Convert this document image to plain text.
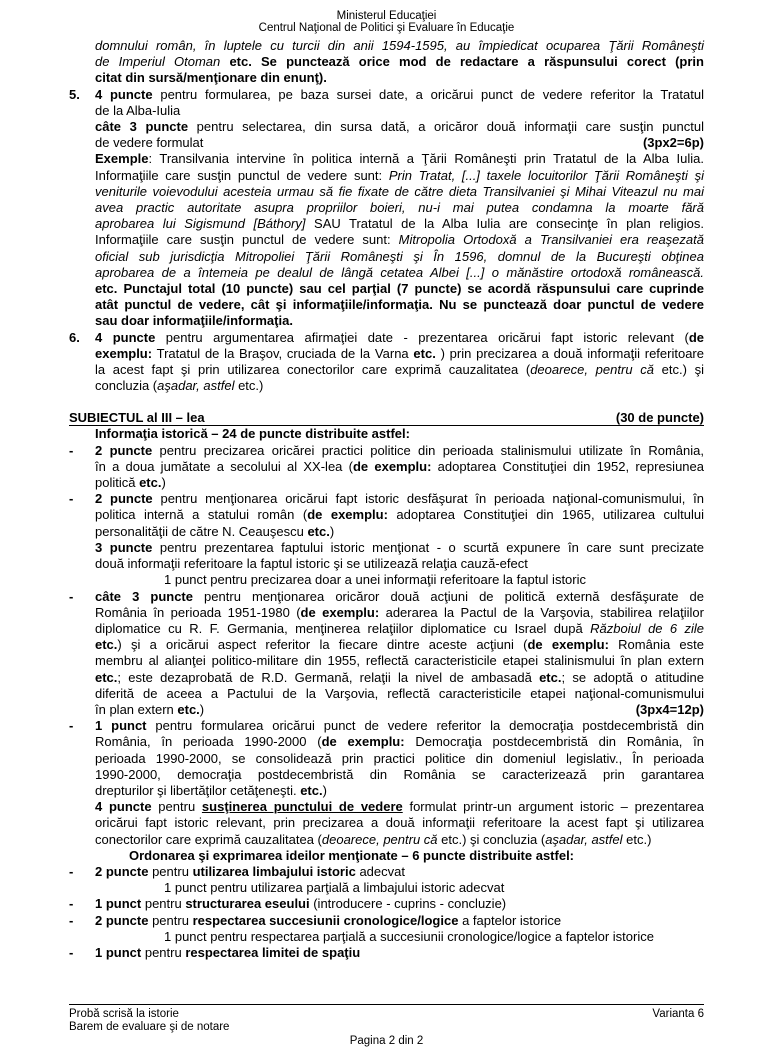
Ministerul Educaţiei
Centrul Naţional de Politici şi Evaluare în Educaţie
domnului român, în luptele cu turcii din anii 1594-1595, au împiedicat ocuparea Ţării Româneşti
de Imperiul Otoman etc. Se punctează orice mod de redactare a răspunsului corect (prin
citat din sursă/menţionare din enunţ).
5. 4 puncte pentru formularea, pe baza sursei date, a oricărui punct de vedere referitor la Tratatul
de la Alba-Iulia
câte 3 puncte pentru selectarea, din sursa dată, a oricăror două informaţii care susţin punctul
de vedere formulat	(3px2=6p)
Exemple: Transilvania intervine în politica internă a Ţării Româneşti prin Tratatul de la Alba Iulia.
Informaţiile care susţin punctul de vedere sunt: Prin Tratat, [...] taxele locuitorilor Ţării Româneşti şi
veniturile voievodului acesteia urmau să fie fixate de către dieta Transilvaniei şi Mihai Viteazul nu mai
avea practic autoritate asupra propriilor boieri, nu-i mai putea condamna la moarte fără
aprobarea lui Sigismund [Báthory] SAU Tratatul de la Alba Iulia are consecinţe în plan religios.
Informaţiile care susţin punctul de vedere sunt: Mitropolia Ortodoxă a Transilvaniei era reaşezată
oficial sub jurisdicţia Mitropoliei Ţării Româneşti şi În 1596, domnul de la Bucureşti obţinea
aprobarea de a întemeia pe dealul de lângă cetatea Albei [...] o mănăstire ortodoxă românească.
etc. Punctajul total (10 puncte) sau cel parţial (7 puncte) se acordă răspunsului care cuprinde
atât punctul de vedere, cât şi informaţiile/informaţia. Nu se punctează doar punctul de vedere
sau doar informaţiile/informaţia.
6. 4 puncte pentru argumentarea afirmaţiei date - prezentarea oricărui fapt istoric relevant (de
exemplu: Tratatul de la Braşov, cruciada de la Varna etc. ) prin precizarea a două informaţii referitoare
la acest fapt şi prin utilizarea conectorilor care exprimă cauzalitatea (deoarece, pentru că etc.) şi
concluzia (aşadar, astfel etc.)
SUBIECTUL al III – lea	(30 de puncte)
Informaţia istorică – 24 de puncte distribuite astfel:
- 2 puncte pentru precizarea oricărei practici politice din perioada stalinismului utilizate în România,
în a doua jumătate a secolului al XX-lea (de exemplu: adoptarea Constituţiei din 1952, represiunea
politică etc.)
- 2 puncte pentru menţionarea oricărui fapt istoric desfăşurat în perioada naţional-comunismului, în
politica internă a statului român (de exemplu: adoptarea Constituţiei din 1965, utilizarea cultului
personalităţii de către N. Ceauşescu etc.)
3 puncte pentru prezentarea faptului istoric menţionat - o scurtă expunere în care sunt precizate
două informaţii referitoare la faptul istoric şi se utilizează relaţia cauză-efect
1 punct pentru precizarea doar a unei informaţii referitoare la faptul istoric
- câte 3 puncte pentru menţionarea oricăror două acţiuni de politică externă desfăşurate de
România în perioada 1951-1980 (de exemplu: aderarea la Pactul de la Varşovia, stabilirea relaţiilor
diplomatice cu R. F. Germania, menţinerea relaţiilor diplomatice cu Israel după Războiul de 6 zile
etc.) şi a oricărui aspect referitor la fiecare dintre aceste acţiuni (de exemplu: România este
membru al alianţei politico-militare din 1955, reflectă caracteristicile etapei stalinismului în plan extern
etc.; este dezaprobată de R.D. Germană, relaţii la nivel de ambasadă etc.; se adoptă o atitudine
diferită de aceea a Pactului de la Varşovia, reflectă caracteristicile etapei naţional-comunismului
în plan extern etc.)	(3px4=12p)
- 1 punct pentru formularea oricărui punct de vedere referitor la democraţia postdecembristă din
România, în perioada 1990-2000 (de exemplu: Democraţia postdecembristă din România, în
perioada 1990-2000, se consolidează prin practici politice din domeniul legislativ., În perioada
1990-2000, democraţia postdecembristă din România se caracterizează prin garantarea
drepturilor şi libertăţilor cetăţeneşti. etc.)
4 puncte pentru susţinerea punctului de vedere formulat printr-un argument istoric – prezentarea
oricărui fapt istoric relevant, prin precizarea a două informaţii referitoare la acest fapt şi utilizarea
conectorilor care exprimă cauzalitatea (deoarece, pentru că etc.) şi concluzia (aşadar, astfel etc.)
Ordonarea şi exprimarea ideilor menţionate – 6 puncte distribuite astfel:
- 2 puncte pentru utilizarea limbajului istoric adecvat
1 punct pentru utilizarea parţială a limbajului istoric adecvat
- 1 punct pentru structurarea eseului (introducere - cuprins - concluzie)
- 2 puncte pentru respectarea succesiunii cronologice/logice a faptelor istorice
1 punct pentru respectarea parţială a succesiunii cronologice/logice a faptelor istorice
- 1 punct pentru respectarea limitei de spaţiu
Probă scrisă la istorie
Barem de evaluare şi de notare
Varianta 6
Pagina 2 din 2
